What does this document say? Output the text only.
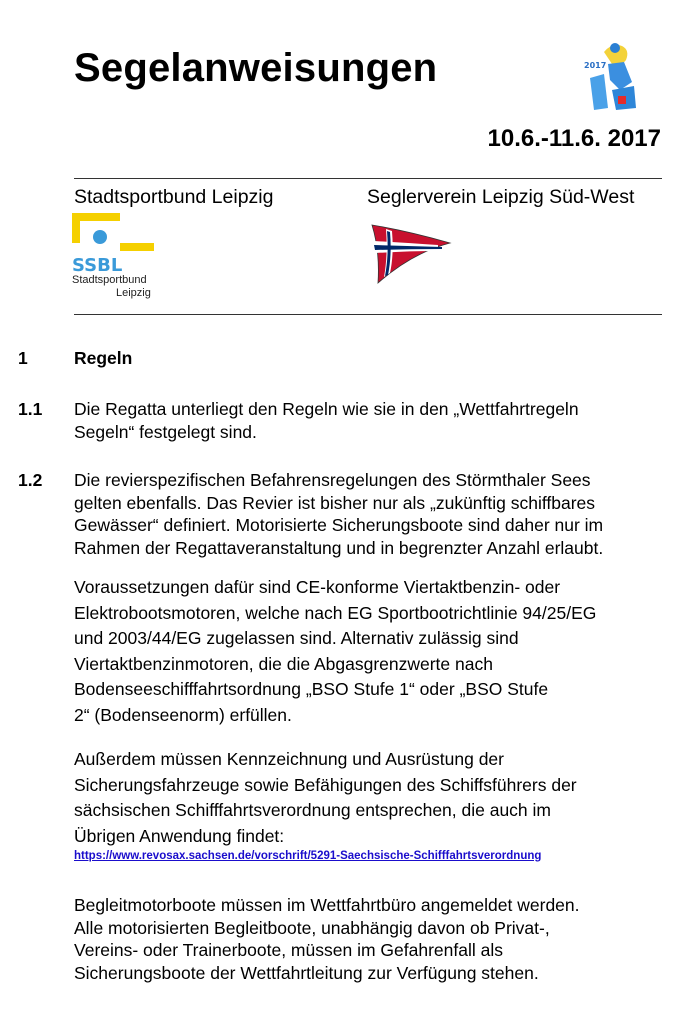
Segelanweisungen	2017
10.6.-11.6. 2017
Stadtsportbund Leipzig	Seglerverein Leipzig Süd-West
SSBL
Stadtsportbund
Leipzig
1	Regeln
1.1 Die Regatta unterliegt den Regeln wie sie in den „Wettfahrtregeln
Segeln“ festgelegt sind.
1.2 Die revierspezifischen Befahrensregelungen des Störmthaler Sees
gelten ebenfalls. Das Revier ist bisher nur als „zukünftig schiffbares
Gewässer“ definiert. Motorisierte Sicherungsboote sind daher nur im
Rahmen der Regattaveranstaltung und in begrenzter Anzahl erlaubt.
Voraussetzungen dafür sind CE-konforme Viertaktbenzin- oder
Elektrobootsmotoren, welche nach EG Sportbootrichtlinie 94/25/EG
und 2003/44/EG zugelassen sind. Alternativ zulässig sind
Viertaktbenzinmotoren, die die Abgasgrenzwerte nach
Bodenseeschifffahrtsordnung „BSO Stufe 1“ oder „BSO Stufe
2“ (Bodenseenorm) erfüllen.
Außerdem müssen Kennzeichnung und Ausrüstung der
Sicherungsfahrzeuge sowie Befähigungen des Schiffsführers der
sächsischen Schifffahrtsverordnung entsprechen, die auch im
Übrigen Anwendung findet:
https://www.revosax.sachsen.de/vorschrift/5291-Saechsische-Schifffahrtsverordnung
Begleitmotorboote müssen im Wettfahrtbüro angemeldet werden.
Alle motorisierten Begleitboote, unabhängig davon ob Privat-,
Vereins- oder Trainerboote, müssen im Gefahrenfall als
Sicherungsboote der Wettfahrtleitung zur Verfügung stehen.
